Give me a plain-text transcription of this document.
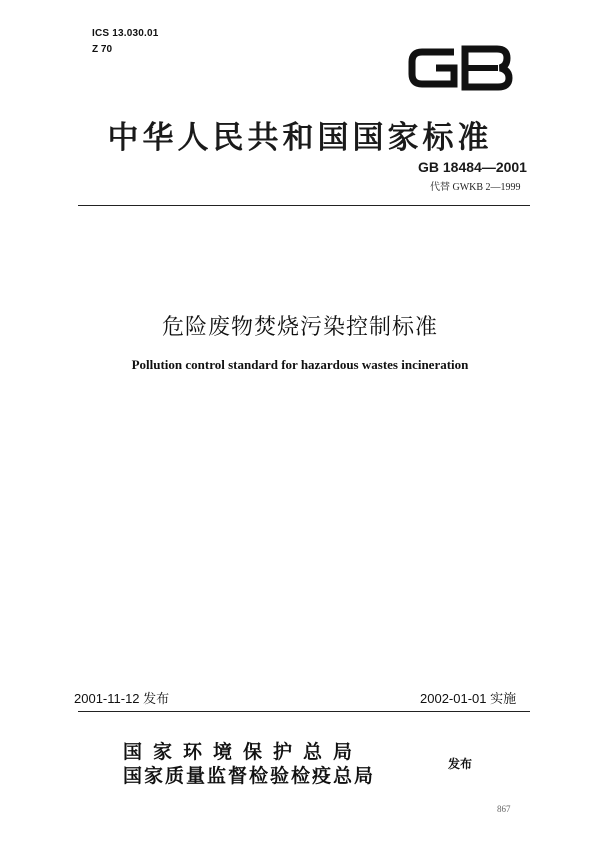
ICS 13.030.01
Z 70
中华人民共和国国家标准
GB 18484—2001
代替 GWKB 2—1999
危险废物焚烧污染控制标准
Pollution control standard for hazardous wastes incineration
2001-11-12 发布	2002-01-01 实施
国家环境保护总局
国家质量监督检验检疫总局
发布
867
